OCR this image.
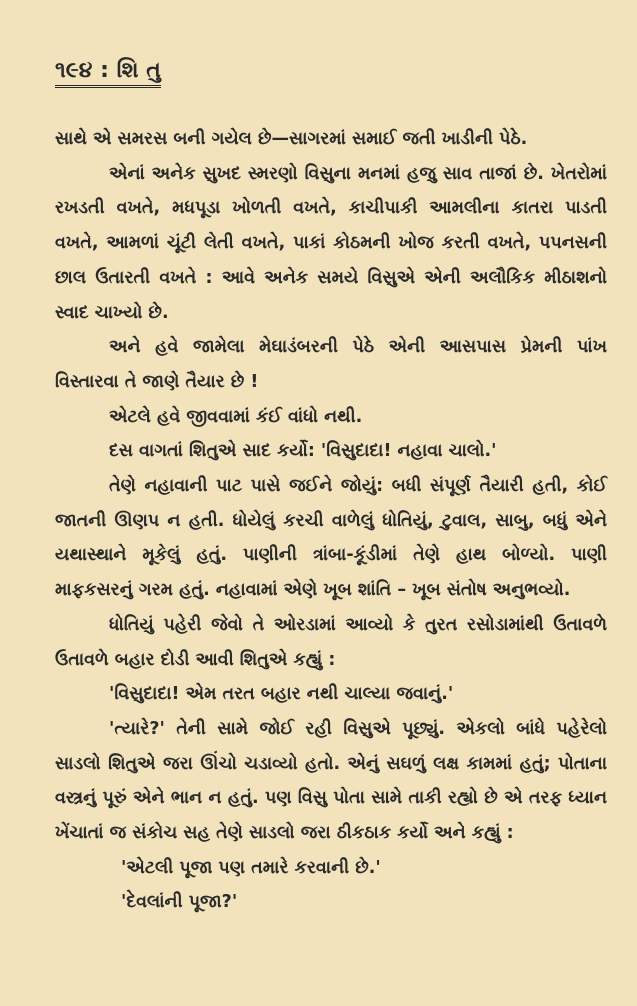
૧૯૪ : શિ તુ

સાથે એ સમરસ બની ગયેલ છે—સાગરમાં સમાઈ જતી ખાડીની પેઠે.

એનાં અનેક સુખદ સ્મરણો વિસુના મનમાં હજુ સાવ તાજાં છે. ખેતરોમાં રખડતી વખતે, મધપૂડા ખોળતી વખતે, કાચીપાકી આમલીના કાતરા પાડતી વખતે, આમળાં ચૂંટી લેતી વખતે, પાકાં કોઠમની ખોજ કરતી વખતે, પપનસની છાલ ઉતારતી વખતે : આવે અનેક સમયે વિસુએ એની અલૌકિક મીઠાશનો સ્વાદ ચાખ્યો છે.

અને હવે જામેલા મેઘાડંબરની પેઠે એની આસપાસ પ્રેમની પાંખ વિસ્તારવા તે જાણે તૈયાર છે !

એટલે હવે જીવવામાં કંઈ વાંધો નથી.

દસ વાગતાં શિતુએ સાદ કર્યો: 'વિસુદાદા! નહાવા ચાલો.'

તેણે નહાવાની પાટ પાસે જઈને જોયું: બધી સંપૂર્ણ તૈયારી હતી, કોઈ જાતની ઊણપ ન હતી. ધોયેલું કરચી વાળેલું ધોતિયું, ટુવાલ, સાબુ, બધું એને યથાસ્થાને મૂકેલું હતું. પાણીની ત્રાંબા-કૂંડીમાં તેણે હાથ બોળ્યો. પાણી માફકસરનું ગરમ હતું. નહાવામાં એણે ખૂબ શાંતિ – ખૂબ સંતોષ અનુભવ્યો.

ધોતિયું પહેરી જેવો તે ઓરડામાં આવ્યો કે તુરત રસોડામાંથી ઉતાવળે ઉતાવળે બહાર દોડી આવી શિતુએ કહ્યું :

'વિસુદાદા! એમ તરત બહાર નથી ચાલ્યા જવાનું.'

'ત્યારે?' તેની સામે જોઈ રહી વિસુએ પૂછ્યું. એકલો બાંધે પહેરેલો સાડલો શિતુએ જરા ઊંચો ચડાવ્યો હતો. એનું સઘળું લક્ષ કામમાં હતું; પોતાના વસ્ત્રનું પૂરું એને ભાન ન હતું. પણ વિસુ પોતા સામે તાકી રહ્યો છે એ તરફ ધ્યાન ખેંચાતાં જ સંકોચ સહ તેણે સાડલો જરા ઠીકઠાક કર્યો અને કહ્યું :

'એટલી પૂજા પણ તમારે કરવાની છે.'

'દેવલાંની પૂજા?'
